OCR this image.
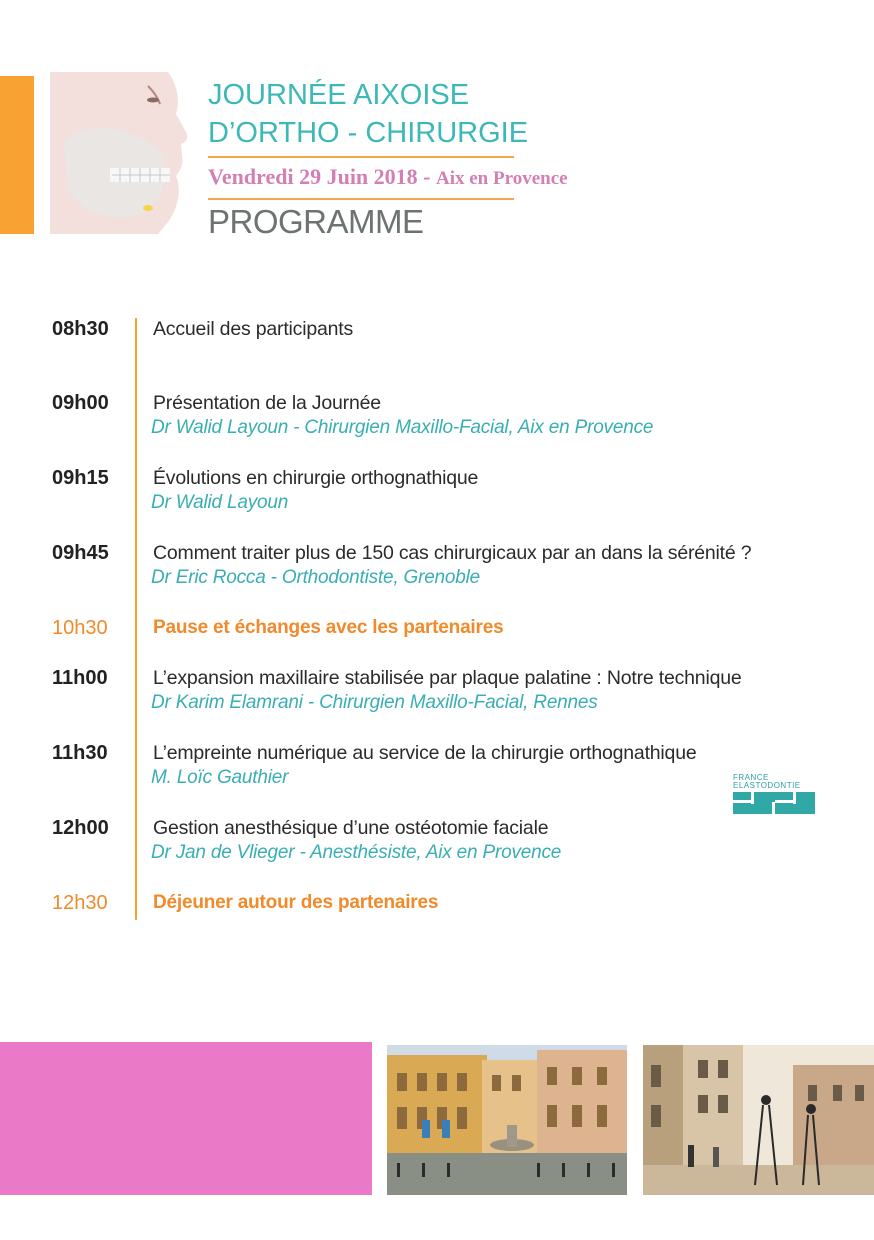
JOURNÉE AIXOISE
D’ORTHO - CHIRURGIE
Vendredi 29 Juin 2018 - Aix en Provence
PROGRAMME
08h30 Accueil des participants
09h00 Présentation de la Journée
Dr Walid Layoun - Chirurgien Maxillo-Facial, Aix en Provence
09h15 Évolutions en chirurgie orthognathique
Dr Walid Layoun
09h45 Comment traiter plus de 150 cas chirurgicaux par an dans la sérénité ?
Dr Eric Rocca - Orthodontiste, Grenoble
10h30 Pause et échanges avec les partenaires
11h00 L’expansion maxillaire stabilisée par plaque palatine : Notre technique
Dr Karim Elamrani - Chirurgien Maxillo-Facial, Rennes
11h30 L’empreinte numérique au service de la chirurgie orthognathique
M. Loïc Gauthier
12h00 Gestion anesthésique d’une ostéotomie faciale
Dr Jan de Vlieger - Anesthésiste, Aix en Provence
12h30 Déjeuner autour des partenaires
FRANCE
ELASTODONTIE
